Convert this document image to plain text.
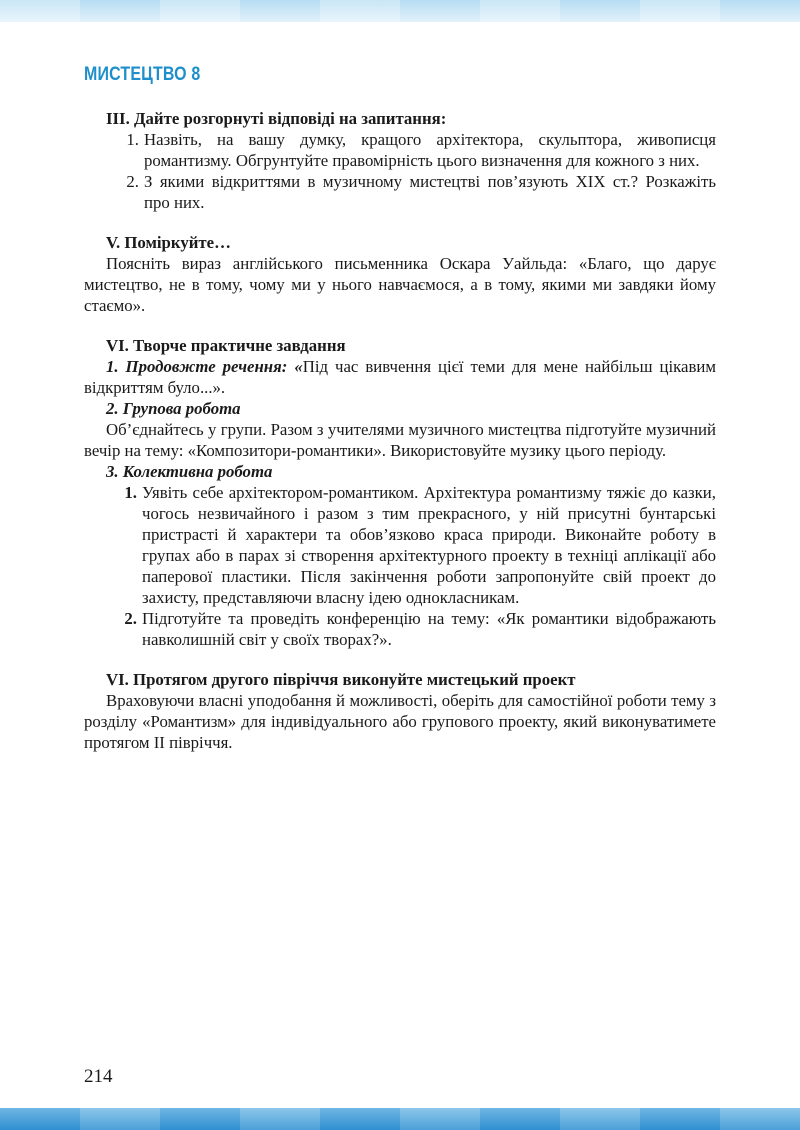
МИСТЕЦТВО 8

ІІІ. Дайте розгорнуті відповіді на запитання:

1. Назвіть, на вашу думку, кращого архітектора, скульптора, живописця романтизму. Обгрунтуйте правомірність цього визначення для кожного з них.
2. З якими відкриттями в музичному мистецтві пов’язують ХІХ ст.? Розкажіть про них.

V. Поміркуйте…

Поясніть вираз англійського письменника Оскара Уайльда: «Благо, що дарує мистецтво, не в тому, чому ми у нього навчаємося, а в тому, якими ми завдяки йому стаємо».

VІ. Творче практичне завдання

1. Продовжте речення: «Під час вивчення цієї теми для мене найбільш цікавим відкриттям було...».

2. Групова робота

Об’єднайтесь у групи. Разом з учителями музичного мистецтва підготуйте музичний вечір на тему: «Композитори-романтики». Використовуйте музику цього періоду.

3. Колективна робота

1. Уявіть себе архітектором-романтиком. Архітектура романтизму тяжіє до казки, чогось незвичайного і разом з тим прекрасного, у ній присутні бунтарські пристрасті й характери та обов’язково краса природи. Виконайте роботу в групах або в парах зі створення архітектурного проекту в техніці аплікації або паперової пластики. Після закінчення роботи запропонуйте свій проект до захисту, представляючи власну ідею однокласникам.
2. Підготуйте та проведіть конференцію на тему: «Як романтики відображають навколишній світ у своїх творах?».

VІ. Протягом другого півріччя виконуйте мистецький проект

Враховуючи власні уподобання й можливості, оберіть для самостійної роботи тему з розділу «Романтизм» для індивідуального або групового проекту, який виконуватимете протягом ІІ півріччя.

214
